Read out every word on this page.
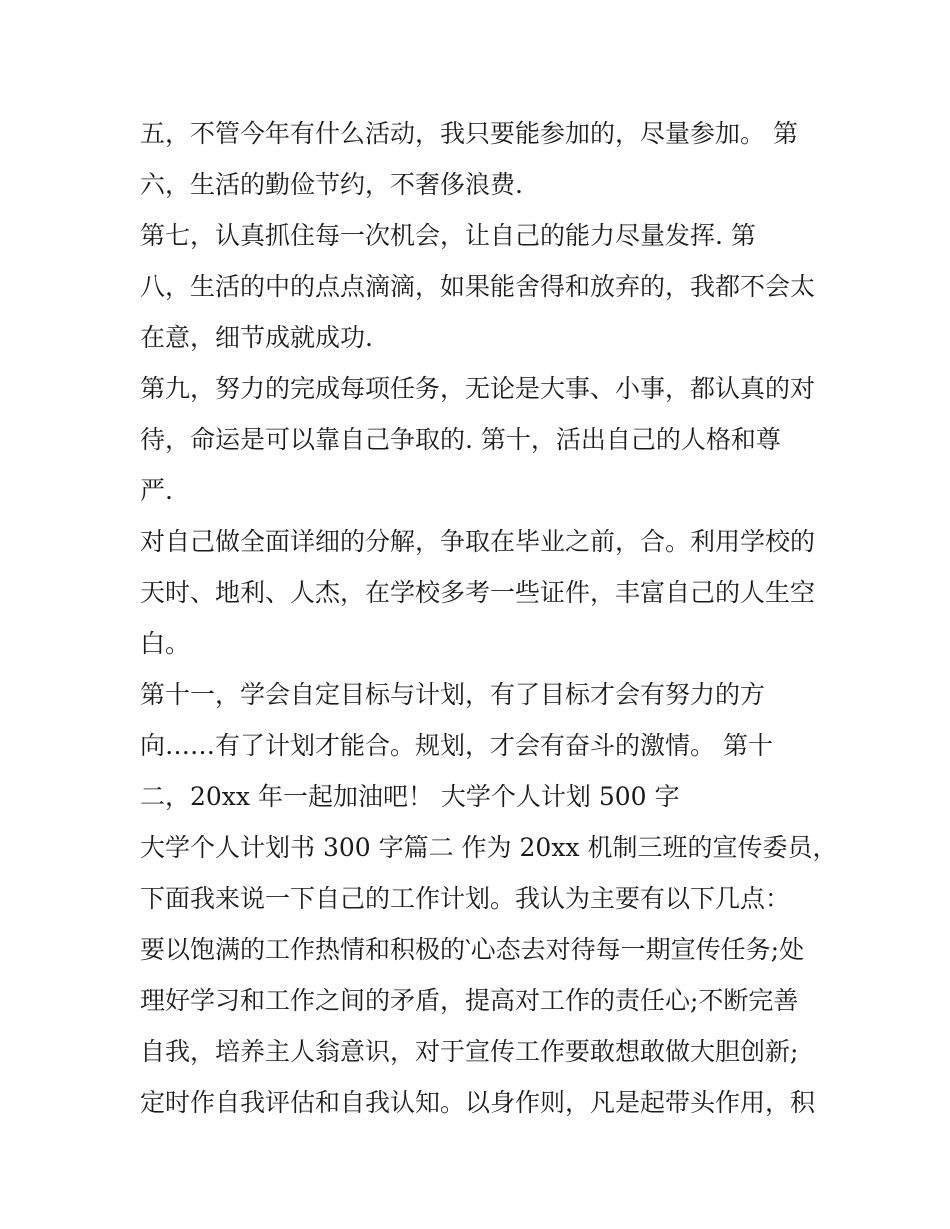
五，不管今年有什么活动，我只要能参加的，尽量参加。 第
六，生活的勤俭节约，不奢侈浪费.
第七，认真抓住每一次机会，让自己的能力尽量发挥. 第
八，生活的中的点点滴滴，如果能舍得和放弃的，我都不会太
在意，细节成就成功.
第九，努力的完成每项任务，无论是大事、小事，都认真的对
待，命运是可以靠自己争取的. 第十，活出自己的人格和尊
严.
对自己做全面详细的分解，争取在毕业之前，合。利用学校的
天时、地利、人杰，在学校多考一些证件，丰富自己的人生空
白。
第十一，学会自定目标与计划，有了目标才会有努力的方
向……有了计划才能合。规划，才会有奋斗的激情。 第十
二，20xx 年一起加油吧！ 大学个人计划 500 字
大学个人计划书 300 字篇二 作为 20xx 机制三班的宣传委员，
下面我来说一下自己的工作计划。我认为主要有以下几点：
要以饱满的工作热情和积极的‵心态去对待每一期宣传任务;处
理好学习和工作之间的矛盾，提高对工作的责任心;不断完善
自我，培养主人翁意识，对于宣传工作要敢想敢做大胆创新;
定时作自我评估和自我认知。以身作则，凡是起带头作用，积
